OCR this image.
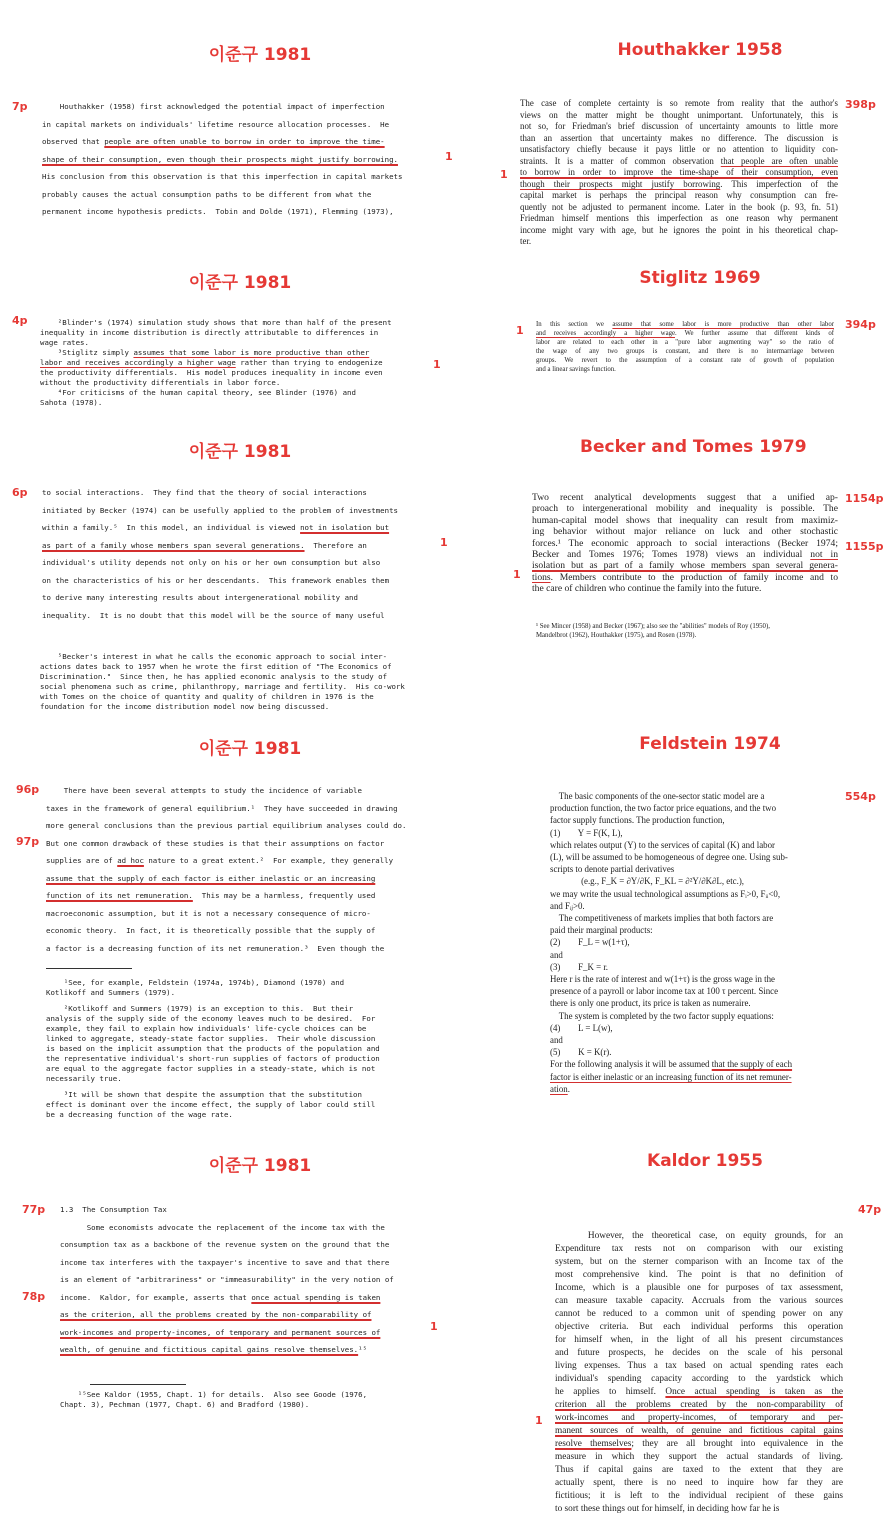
이준구 1981	Houthakker 1958
7p
1
Houthakker (1958) first acknowledged the potential impact of imperfection
in capital markets on individuals' lifetime resource allocation processes.  He
observed that people are often unable to borrow in order to improve the time-
shape of their consumption, even though their prospects might justify borrowing.
His conclusion from this observation is that this imperfection in capital markets
probably causes the actual consumption paths to be different from what the
permanent income hypothesis predicts.  Tobin and Dolde (1971), Flemming (1973),
1
398p
The case of complete certainty is so remote from reality that the author's
views on the matter might be thought unimportant. Unfortunately, this is
not so, for Friedman's brief discussion of uncertainty amounts to little more
than an assertion that uncertainty makes no difference. The discussion is
unsatisfactory chiefly because it pays little or no attention to liquidity con-
straints. It is a matter of common observation that people are often unable
to borrow in order to improve the time-shape of their consumption, even
though their prospects might justify borrowing. This imperfection of the
capital market is perhaps the principal reason why consumption can fre-
quently not be adjusted to permanent income. Later in the book (p. 93, fn. 51)
Friedman himself mentions this imperfection as one reason why permanent
income might vary with age, but he ignores the point in his theoretical chap-
ter.
이준구 1981	Stiglitz 1969
4p ²Blinder's (1974) simulation study shows that more than half of the present
inequality in income distribution is directly attributable to differences in
wage rates.
³Stiglitz simply assumes that some labor is more productive than other
labor and receives accordingly a higher wage rather than trying to endogenize
the productivity differentials.  His model produces inequality in income even
without the productivity differentials in labor force.
⁴For criticisms of the human capital theory, see Blinder (1976) and
Sahota (1978).
1
1	394p
In this section we assume that some labor is more productive than other labor
and receives accordingly a higher wage. We further assume that different kinds of
labor are related to each other in a "pure labor augmenting way" so the ratio of
the wage of any two groups is constant, and there is no intermarriage between
groups. We revert to the assumption of a constant rate of growth of population
and a linear savings function.
이준구 1981	Becker and Tomes 1979
6p to social interactions.  They find that the theory of social interactions
initiated by Becker (1974) can be usefully applied to the problem of investments
within a family.⁵  In this model, an individual is viewed not in isolation but
as part of a family whose members span several generations.  Therefore an
individual's utility depends not only on his or her own consumption but also
on the characteristics of his or her descendants.  This framework enables them
to derive many interesting results about intergenerational mobility and
inequality.  It is no doubt that this model will be the source of many useful
1
⁵Becker's interest in what he calls the economic approach to social inter-
actions dates back to 1957 when he wrote the first edition of "The Economics of
Discrimination."  Since then, he has applied economic analysis to the study of
social phenomena such as crime, philanthropy, marriage and fertility.  His co-work
with Tomes on the choice of quantity and quality of children in 1976 is the
foundation for the income distribution model now being discussed.
1154p
1155p
1
Two recent analytical developments suggest that a unified ap-
proach to intergenerational mobility and inequality is possible. The
human-capital model shows that inequality can result from maximiz-
ing behavior without major reliance on luck and other stochastic
forces.¹ The economic approach to social interactions (Becker 1974;
Becker and Tomes 1976; Tomes 1978) views an individual not in
isolation but as part of a family whose members span several genera-
tions. Members contribute to the production of family income and to
the care of children who continue the family into the future.
¹ See Mincer (1958) and Becker (1967); also see the "abilities" models of Roy (1950),
Mandelbrot (1962), Houthakker (1975), and Rosen (1978).
이준구 1981	Feldstein 1974
96p
97p
There have been several attempts to study the incidence of variable
taxes in the framework of general equilibrium.¹  They have succeeded in drawing
more general conclusions than the previous partial equilibrium analyses could do.
But one common drawback of these studies is that their assumptions on factor
supplies are of ad hoc nature to a great extent.²  For example, they generally
assume that the supply of each factor is either inelastic or an increasing
function of its net remuneration.  This may be a harmless, frequently used
macroeconomic assumption, but it is not a necessary consequence of micro-
economic theory.  In fact, it is theoretically possible that the supply of
a factor is a decreasing function of its net remuneration.³  Even though the
¹See, for example, Feldstein (1974a, 1974b), Diamond (1970) and
Kotlikoff and Summers (1979).
²Kotlikoff and Summers (1979) is an exception to this.  But their
analysis of the supply side of the economy leaves much to be desired.  For
example, they fail to explain how individuals' life-cycle choices can be
linked to aggregate, steady-state factor supplies.  Their whole discussion
is based on the implicit assumption that the products of the population and
the representative individual's short-run supplies of factors of production
are equal to the aggregate factor supplies in a steady-state, which is not
necessarily true.
³It will be shown that despite the assumption that the substitution
effect is dominant over the income effect, the supply of labor could still
be a decreasing function of the wage rate.
554p
The basic components of the one-sector static model are a
production function, the two factor price equations, and the two
factor supply functions. The production function,
(1)        Y = F(K, L),
which relates output (Y) to the services of capital (K) and labor
(L), will be assumed to be homogeneous of degree one. Using sub-
scripts to denote partial derivatives
(e.g., F_K = ∂Y/∂K, F_KL = ∂²Y/∂K∂L, etc.),
we may write the usual technological assumptions as Fᵢ>0, Fᵢᵢ<0,
and Fᵢⱼ>0.
The competitiveness of markets implies that both factors are
paid their marginal products:
(2)        F_L = w(1+τ),
and
(3)        F_K = r.
Here r is the rate of interest and w(1+τ) is the gross wage in the
presence of a payroll or labor income tax at 100 τ percent. Since
there is only one product, its price is taken as numeraire.
The system is completed by the two factor supply equations:
(4)        L = L(w),
and
(5)        K = K(r).
For the following analysis it will be assumed that the supply of each
factor is either inelastic or an increasing function of its net remuner-
ation.
이준구 1981	Kaldor 1955
77p
78p
1.3  The Consumption Tax
Some economists advocate the replacement of the income tax with the
consumption tax as a backbone of the revenue system on the ground that the
income tax interferes with the taxpayer's incentive to save and that there
is an element of "arbitrariness" or "immeasurability" in the very notion of
income.  Kaldor, for example, asserts that once actual spending is taken
as the criterion, all the problems created by the non-comparability of
work-incomes and property-incomes, of temporary and permanent sources of
wealth, of genuine and fictitious capital gains resolve themselves.¹⁵
1
¹⁵See Kaldor (1955, Chapt. 1) for details.  Also see Goode (1976,
Chapt. 3), Pechman (1977, Chapt. 6) and Bradford (1980).
47p
1
However, the theoretical case, on equity grounds, for an
Expenditure tax rests not on comparison with our existing
system, but on the sterner comparison with an Income tax of the
most comprehensive kind. The point is that no definition of
Income, which is a plausible one for purposes of tax assessment,
can measure taxable capacity. Accruals from the various sources
cannot be reduced to a common unit of spending power on any
objective criteria. But each individual performs this operation
for himself when, in the light of all his present circumstances
and future prospects, he decides on the scale of his personal
living expenses. Thus a tax based on actual spending rates each
individual's spending capacity according to the yardstick which
he applies to himself. Once actual spending is taken as the
criterion all the problems created by the non-comparability of
work-incomes and property-incomes, of temporary and per-
manent sources of wealth, of genuine and fictitious capital gains
resolve themselves; they are all brought into equivalence in the
measure in which they support the actual standards of living.
Thus if capital gains are taxed to the extent that they are
actually spent, there is no need to inquire how far they are
fictitious; it is left to the individual recipient of these gains
to sort these things out for himself, in deciding how far he is
